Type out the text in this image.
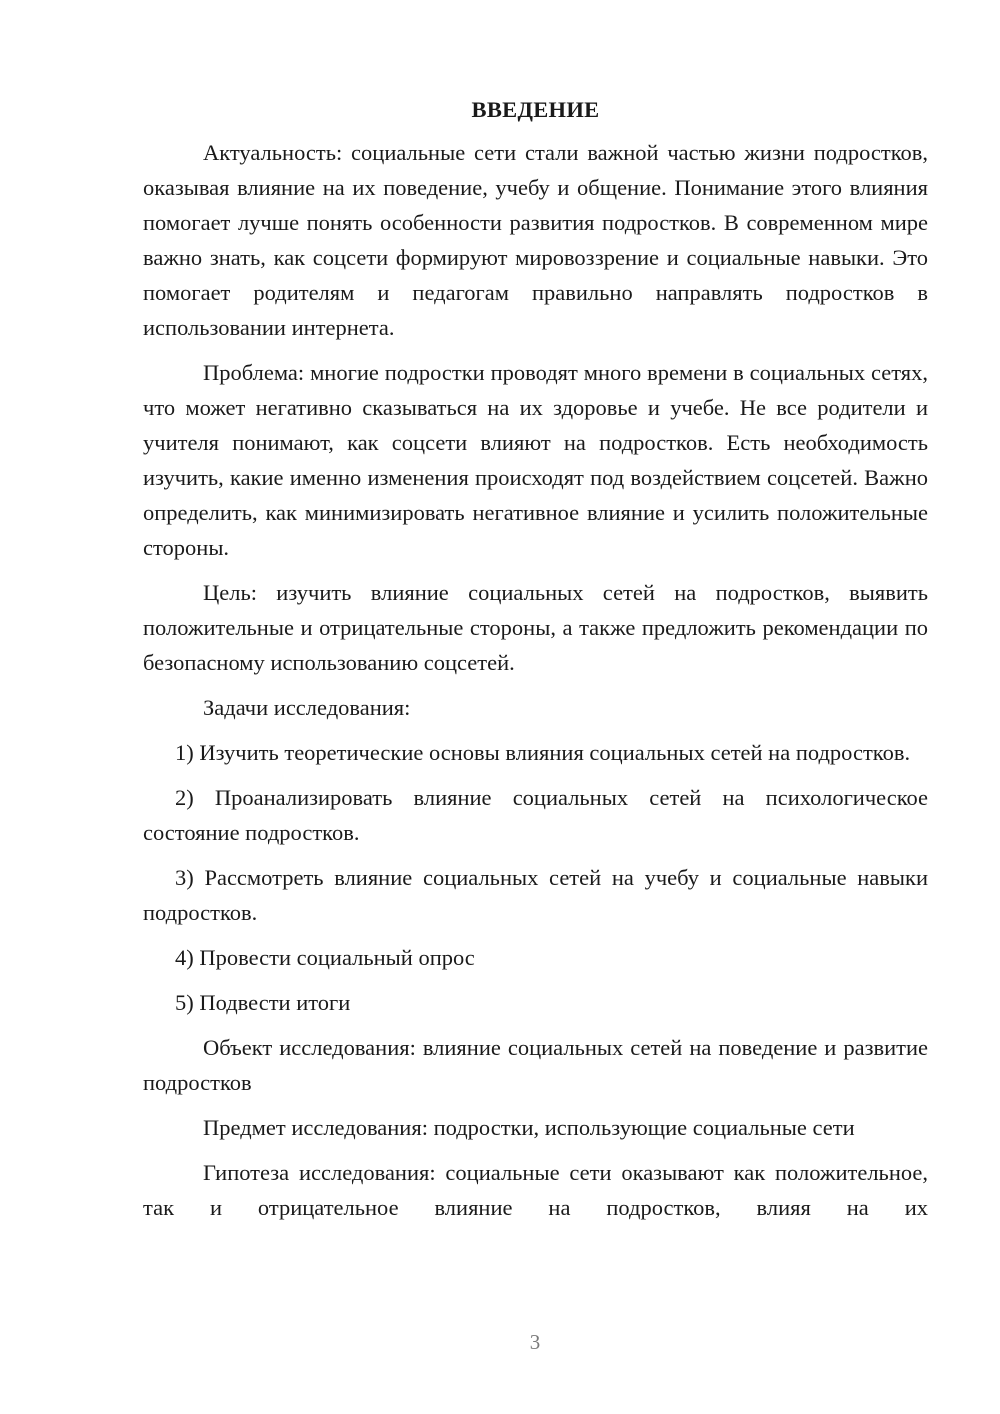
ВВЕДЕНИЕ
Актуальность: социальные сети стали важной частью жизни подростков, оказывая влияние на их поведение, учебу и общение. Понимание этого влияния помогает лучше понять особенности развития подростков. В современном мире важно знать, как соцсети формируют мировоззрение и социальные навыки. Это помогает родителям и педагогам правильно направлять подростков в использовании интернета.
Проблема: многие подростки проводят много времени в социальных сетях, что может негативно сказываться на их здоровье и учебе. Не все родители и учителя понимают, как соцсети влияют на подростков. Есть необходимость изучить, какие именно изменения происходят под воздействием соцсетей. Важно определить, как минимизировать негативное влияние и усилить положительные стороны.
Цель: изучить влияние социальных сетей на подростков, выявить положительные и отрицательные стороны, а также предложить рекомендации по безопасному использованию соцсетей.
Задачи исследования:
1) Изучить теоретические основы влияния социальных сетей на подростков.
2) Проанализировать влияние социальных сетей на психологическое состояние подростков.
3) Рассмотреть влияние социальных сетей на учебу и социальные навыки подростков.
4) Провести социальный опрос
5) Подвести итоги
Объект исследования: влияние социальных сетей на поведение и развитие подростков
Предмет исследования: подростки, использующие социальные сети
Гипотеза исследования: социальные сети оказывают как положительное, так и отрицательное влияние на подростков, влияя на их
3
